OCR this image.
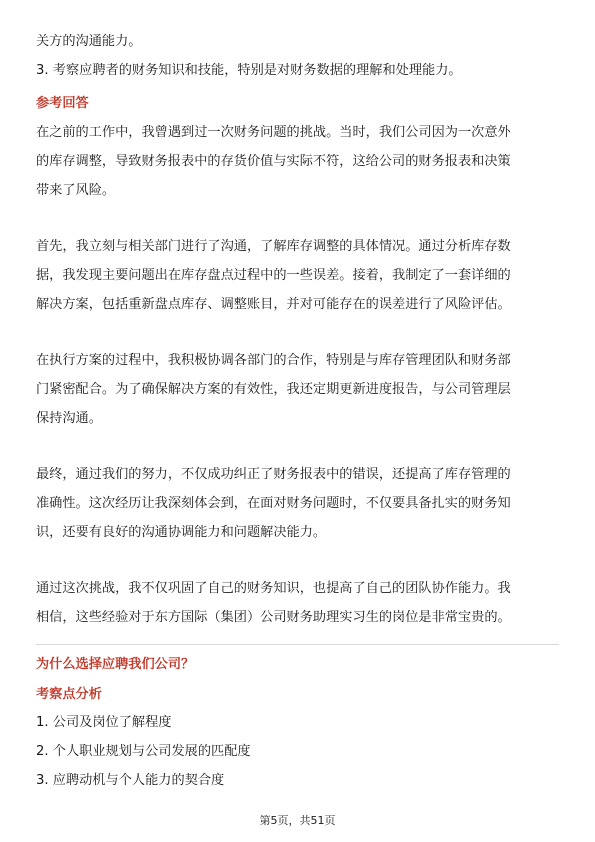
关方的沟通能力。
3. 考察应聘者的财务知识和技能，特别是对财务数据的理解和处理能力。
参考回答
在之前的工作中，我曾遇到过一次财务问题的挑战。当时，我们公司因为一次意外
的库存调整，导致财务报表中的存货价值与实际不符，这给公司的财务报表和决策
带来了风险。
首先，我立刻与相关部门进行了沟通，了解库存调整的具体情况。通过分析库存数
据，我发现主要问题出在库存盘点过程中的一些误差。接着，我制定了一套详细的
解决方案，包括重新盘点库存、调整账目，并对可能存在的误差进行了风险评估。
在执行方案的过程中，我积极协调各部门的合作，特别是与库存管理团队和财务部
门紧密配合。为了确保解决方案的有效性，我还定期更新进度报告，与公司管理层
保持沟通。
最终，通过我们的努力，不仅成功纠正了财务报表中的错误，还提高了库存管理的
准确性。这次经历让我深刻体会到，在面对财务问题时，不仅要具备扎实的财务知
识，还要有良好的沟通协调能力和问题解决能力。
通过这次挑战，我不仅巩固了自己的财务知识，也提高了自己的团队协作能力。我
相信，这些经验对于东方国际（集团）公司财务助理实习生的岗位是非常宝贵的。
为什么选择应聘我们公司？
考察点分析
1. 公司及岗位了解程度
2. 个人职业规划与公司发展的匹配度
3. 应聘动机与个人能力的契合度
第5页，共51页
